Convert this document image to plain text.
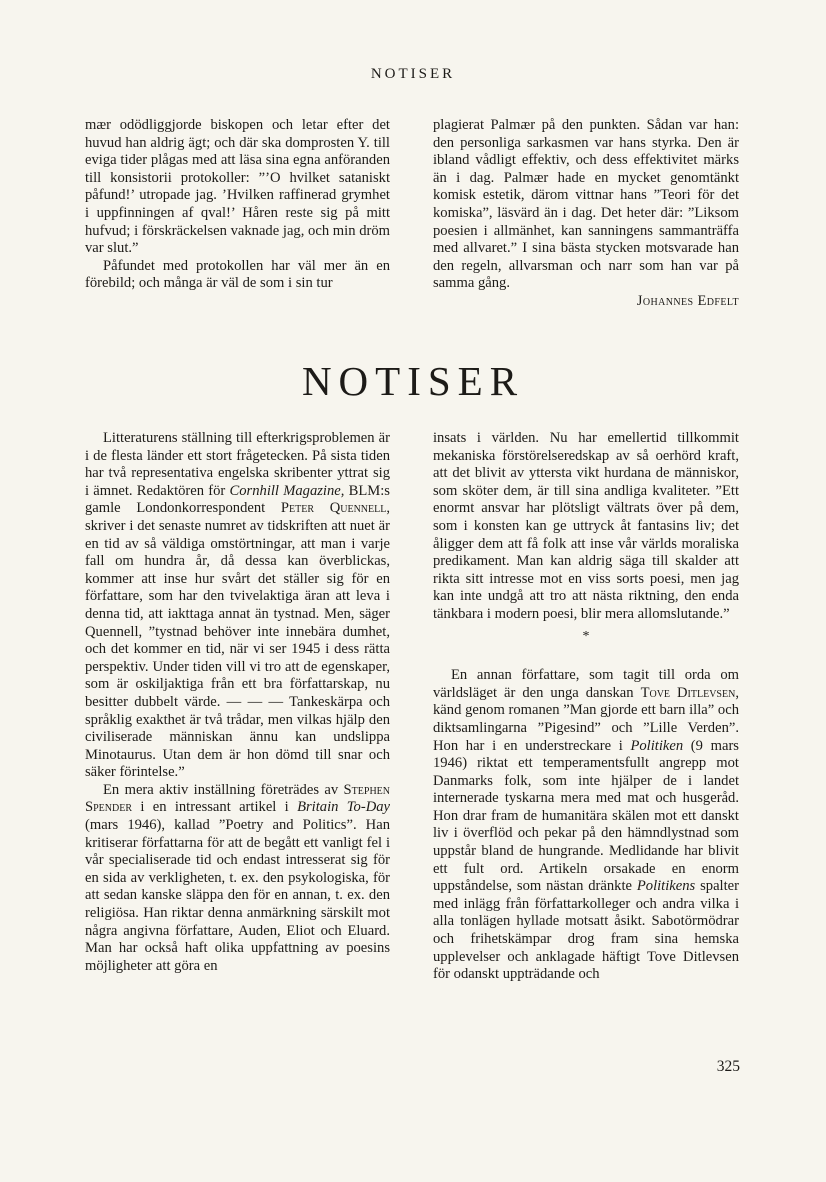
NOTISER

mær odödliggjorde biskopen och letar efter det huvud han aldrig ägt; och där ska domprosten Y. till eviga tider plågas med att läsa sina egna anföranden till konsistorii protokoller: ”’O hvilket sataniskt påfund!’ utropade jag. ’Hvilken raffinerad grymhet i uppfinningen af qval!’ Håren reste sig på mitt hufvud; i förskräckelsen vaknade jag, och min dröm var slut.”

Påfundet med protokollen har väl mer än en förebild; och många är väl de som i sin tur

plagierat Palmær på den punkten. Sådan var han: den personliga sarkasmen var hans styrka. Den är ibland vådligt effektiv, och dess effektivitet märks än i dag. Palmær hade en mycket genomtänkt komisk estetik, därom vittnar hans ”Teori för det komiska”, läsvärd än i dag. Det heter där: ”Liksom poesien i allmänhet, kan sanningens sammanträffa med allvaret.” I sina bästa stycken motsvarade han den regeln, allvarsman och narr som han var på samma gång.

Johannes Edfelt

NOTISER

Litteraturens ställning till efterkrigsproblemen är i de flesta länder ett stort frågetecken. På sista tiden har två representativa engelska skribenter yttrat sig i ämnet. Redaktören för Cornhill Magazine, BLM:s gamle Londonkorrespondent Peter Quennell, skriver i det senaste numret av tidskriften att nuet är en tid av så väldiga omstörtningar, att man i varje fall om hundra år, då dessa kan överblickas, kommer att inse hur svårt det ställer sig för en författare, som har den tvivelaktiga äran att leva i denna tid, att iakttaga annat än tystnad. Men, säger Quennell, ”tystnad behöver inte innebära dumhet, och det kommer en tid, när vi ser 1945 i dess rätta perspektiv. Under tiden vill vi tro att de egenskaper, som är oskiljaktiga från ett bra författarskap, nu besitter dubbelt värde. — — — Tankeskärpa och språklig exakthet är två trådar, men vilkas hjälp den civiliserade människan ännu kan undslippa Minotaurus. Utan dem är hon dömd till snar och säker förintelse.”

En mera aktiv inställning företrädes av Stephen Spender i en intressant artikel i Britain To-Day (mars 1946), kallad ”Poetry and Politics”. Han kritiserar författarna för att de begått ett vanligt fel i vår specialiserade tid och endast intresserat sig för en sida av verkligheten, t. ex. den psykologiska, för att sedan kanske släppa den för en annan, t. ex. den religiösa. Han riktar denna anmärkning särskilt mot några angivna författare, Auden, Eliot och Eluard. Man har också haft olika uppfattning av poesins möjligheter att göra en

insats i världen. Nu har emellertid tillkommit mekaniska förstörelseredskap av så oerhörd kraft, att det blivit av yttersta vikt hurdana de människor, som sköter dem, är till sina andliga kvaliteter. ”Ett enormt ansvar har plötsligt vältrats över på dem, som i konsten kan ge uttryck åt fantasins liv; det åligger dem att få folk att inse vår världs moraliska predikament. Man kan aldrig säga till skalder att rikta sitt intresse mot en viss sorts poesi, men jag kan inte undgå att tro att nästa riktning, den enda tänkbara i modern poesi, blir mera allomslutande.”

*

En annan författare, som tagit till orda om världsläget är den unga danskan Tove Ditlevsen, känd genom romanen ”Man gjorde ett barn illa” och diktsamlingarna ”Pigesind” och ”Lille Verden”. Hon har i en understreckare i Politiken (9 mars 1946) riktat ett temperamentsfullt angrepp mot Danmarks folk, som inte hjälper de i landet internerade tyskarna mera med mat och husgeråd. Hon drar fram de humanitära skälen mot ett danskt liv i överflöd och pekar på den hämndlystnad som uppstår bland de hungrande. Medlidande har blivit ett fult ord. Artikeln orsakade en enorm uppståndelse, som nästan dränkte Politikens spalter med inlägg från författarkolleger och andra vilka i alla tonlägen hyllade motsatt åsikt. Sabotörmödrar och frihetskämpar drog fram sina hemska upplevelser och anklagade häftigt Tove Ditlevsen för odanskt uppträdande och

325
